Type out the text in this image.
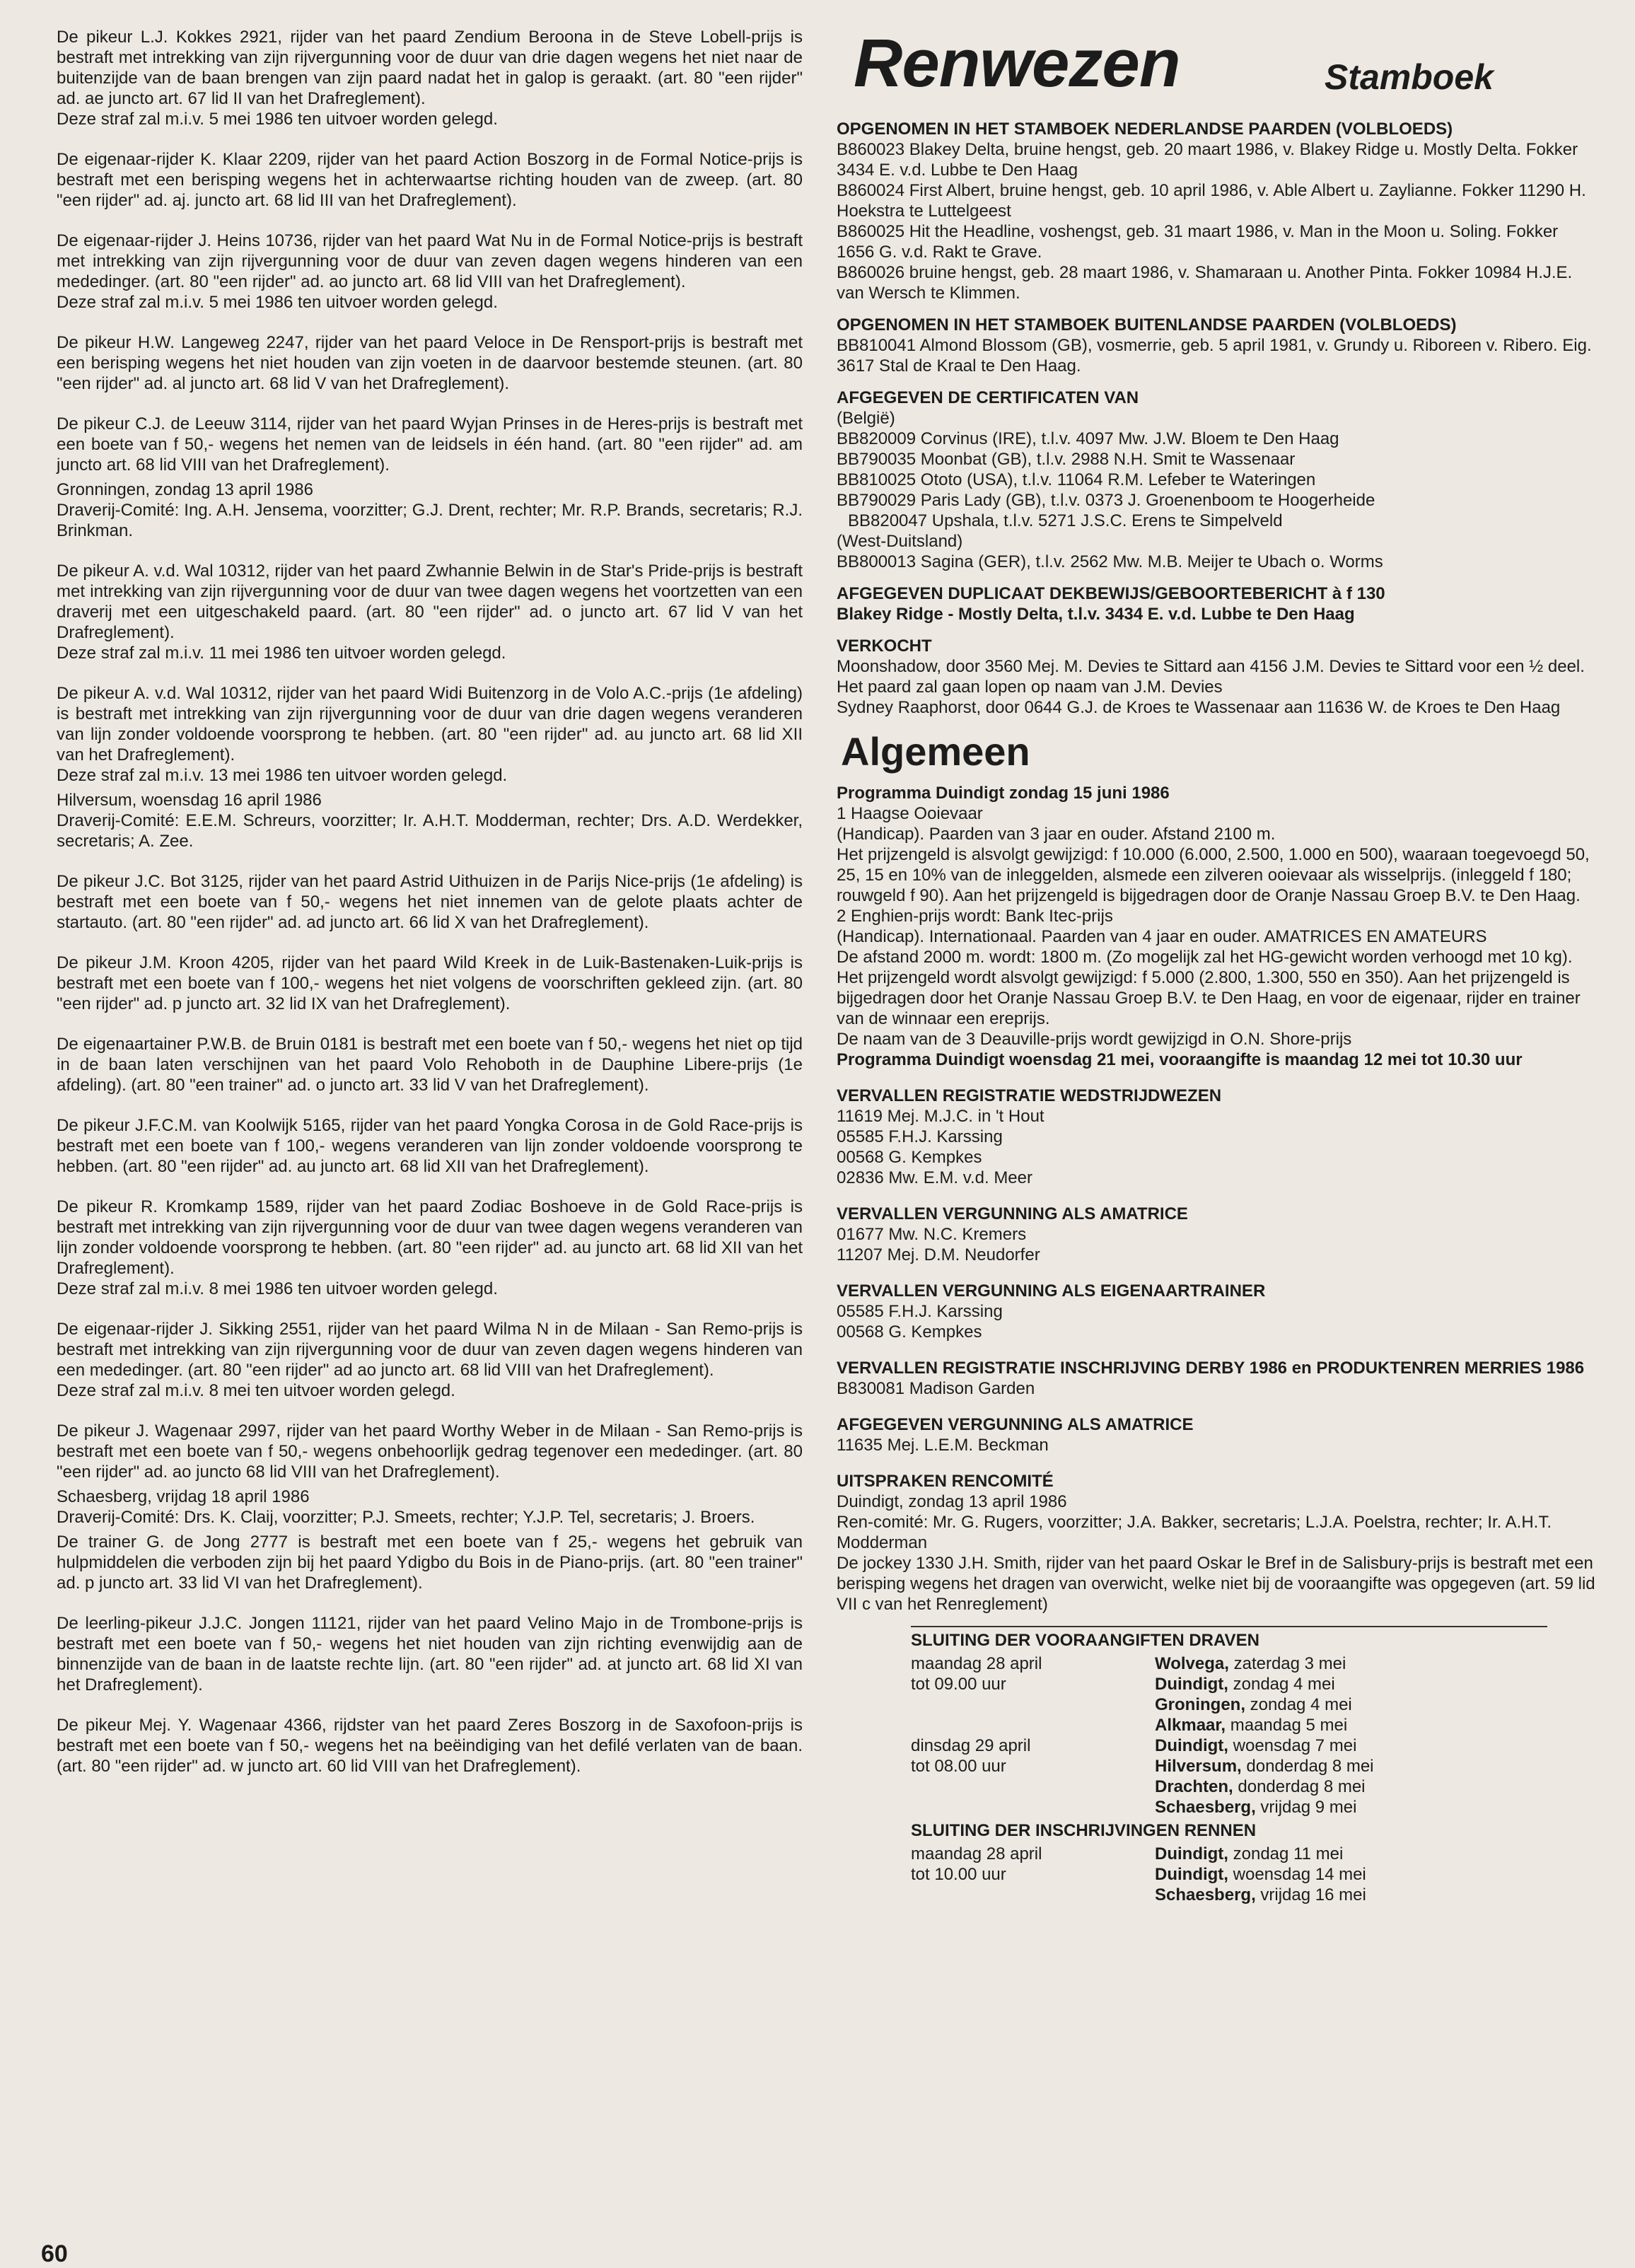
De pikeur L.J. Kokkes 2921, rijder van het paard Zendium Beroona in de Steve Lobell-prijs is bestraft met intrekking van zijn rijvergunning voor de duur van drie dagen wegens het niet naar de buitenzijde van de baan brengen van zijn paard nadat het in galop is geraakt. (art. 80 "een rijder" ad. ae juncto art. 67 lid II van het Drafreglement).
Deze straf zal m.i.v. 5 mei 1986 ten uitvoer worden gelegd.

De eigenaar-rijder K. Klaar 2209, rijder van het paard Action Boszorg in de Formal Notice-prijs is bestraft met een berisping wegens het in achterwaartse richting houden van de zweep. (art. 80 "een rijder" ad. aj. juncto art. 68 lid III van het Drafreglement).

De eigenaar-rijder J. Heins 10736, rijder van het paard Wat Nu in de Formal Notice-prijs is bestraft met intrekking van zijn rijvergunning voor de duur van zeven dagen wegens hinderen van een mededinger. (art. 80 "een rijder" ad. ao juncto art. 68 lid VIII van het Drafreglement).
Deze straf zal m.i.v. 5 mei 1986 ten uitvoer worden gelegd.

De pikeur H.W. Langeweg 2247, rijder van het paard Veloce in De Rensport-prijs is bestraft met een berisping wegens het niet houden van zijn voeten in de daarvoor bestemde steunen. (art. 80 "een rijder" ad. al juncto art. 68 lid V van het Drafreglement).

De pikeur C.J. de Leeuw 3114, rijder van het paard Wyjan Prinses in de Heres-prijs is bestraft met een boete van f 50,- wegens het nemen van de leidsels in één hand. (art. 80 "een rijder" ad. am juncto art. 68 lid VIII van het Drafreglement).

Gronningen, zondag 13 april 1986
Draverij-Comité: Ing. A.H. Jensema, voorzitter; G.J. Drent, rechter; Mr. R.P. Brands, secretaris; R.J. Brinkman.

De pikeur A. v.d. Wal 10312, rijder van het paard Zwhannie Belwin in de Star's Pride-prijs is bestraft met intrekking van zijn rijvergunning voor de duur van twee dagen wegens het voortzetten van een draverij met een uitgeschakeld paard. (art. 80 "een rijder" ad. o juncto art. 67 lid V van het Drafreglement).
Deze straf zal m.i.v. 11 mei 1986 ten uitvoer worden gelegd.

De pikeur A. v.d. Wal 10312, rijder van het paard Widi Buitenzorg in de Volo A.C.-prijs (1e afdeling) is bestraft met intrekking van zijn rijvergunning voor de duur van drie dagen wegens veranderen van lijn zonder voldoende voorsprong te hebben. (art. 80 "een rijder" ad. au juncto art. 68 lid XII van het Drafreglement).
Deze straf zal m.i.v. 13 mei 1986 ten uitvoer worden gelegd.

Hilversum, woensdag 16 april 1986
Draverij-Comité: E.E.M. Schreurs, voorzitter; Ir. A.H.T. Modderman, rechter; Drs. A.D. Werdekker, secretaris; A. Zee.

De pikeur J.C. Bot 3125, rijder van het paard Astrid Uithuizen in de Parijs Nice-prijs (1e afdeling) is bestraft met een boete van f 50,- wegens het niet innemen van de gelote plaats achter de startauto. (art. 80 "een rijder" ad. ad juncto art. 66 lid X van het Drafreglement).

De pikeur J.M. Kroon 4205, rijder van het paard Wild Kreek in de Luik-Bastenaken-Luik-prijs is bestraft met een boete van f 100,- wegens het niet volgens de voorschriften gekleed zijn. (art. 80 "een rijder" ad. p juncto art. 32 lid IX van het Drafreglement).

De eigenaartainer P.W.B. de Bruin 0181 is bestraft met een boete van f 50,- wegens het niet op tijd in de baan laten verschijnen van het paard Volo Rehoboth in de Dauphine Libere-prijs (1e afdeling). (art. 80 "een trainer" ad. o juncto art. 33 lid V van het Drafreglement).

De pikeur J.F.C.M. van Koolwijk 5165, rijder van het paard Yongka Corosa in de Gold Race-prijs is bestraft met een boete van f 100,- wegens veranderen van lijn zonder voldoende voorsprong te hebben. (art. 80 "een rijder" ad. au juncto art. 68 lid XII van het Drafreglement).

De pikeur R. Kromkamp 1589, rijder van het paard Zodiac Boshoeve in de Gold Race-prijs is bestraft met intrekking van zijn rijvergunning voor de duur van twee dagen wegens veranderen van lijn zonder voldoende voorsprong te hebben. (art. 80 "een rijder" ad. au juncto art. 68 lid XII van het Drafreglement).
Deze straf zal m.i.v. 8 mei 1986 ten uitvoer worden gelegd.

De eigenaar-rijder J. Sikking 2551, rijder van het paard Wilma N in de Milaan - San Remo-prijs is bestraft met intrekking van zijn rijvergunning voor de duur van zeven dagen wegens hinderen van een mededinger. (art. 80 "een rijder" ad ao juncto art. 68 lid VIII van het Drafreglement).
Deze straf zal m.i.v. 8 mei ten uitvoer worden gelegd.

De pikeur J. Wagenaar 2997, rijder van het paard Worthy Weber in de Milaan - San Remo-prijs is bestraft met een boete van f 50,- wegens onbehoorlijk gedrag tegenover een mededinger. (art. 80 "een rijder" ad. ao juncto 68 lid VIII van het Drafreglement).

Schaesberg, vrijdag 18 april 1986
Draverij-Comité: Drs. K. Claij, voorzitter; P.J. Smeets, rechter; Y.J.P. Tel, secretaris; J. Broers.

De trainer G. de Jong 2777 is bestraft met een boete van f 25,- wegens het gebruik van hulpmiddelen die verboden zijn bij het paard Ydigbo du Bois in de Piano-prijs. (art. 80 "een trainer" ad. p juncto art. 33 lid VI van het Drafreglement).

De leerling-pikeur J.J.C. Jongen 11121, rijder van het paard Velino Majo in de Trombone-prijs is bestraft met een boete van f 50,- wegens het niet houden van zijn richting evenwijdig aan de binnenzijde van de baan in de laatste rechte lijn. (art. 80 "een rijder" ad. at juncto art. 68 lid XI van het Drafreglement).

De pikeur Mej. Y. Wagenaar 4366, rijdster van het paard Zeres Boszorg in de Saxofoon-prijs is bestraft met een boete van f 50,- wegens het na beëindiging van het defilé verlaten van de baan. (art. 80 "een rijder" ad. w juncto art. 60 lid VIII van het Drafreglement).

Renwezen	Stamboek

OPGENOMEN IN HET STAMBOEK NEDERLANDSE PAARDEN (VOLBLOEDS)

B860023 Blakey Delta, bruine hengst, geb. 20 maart 1986, v. Blakey Ridge u. Mostly Delta. Fokker 3434 E. v.d. Lubbe te Den Haag

B860024 First Albert, bruine hengst, geb. 10 april 1986, v. Able Albert u. Zaylianne. Fokker 11290 H. Hoekstra te Luttelgeest

B860025 Hit the Headline, voshengst, geb. 31 maart 1986, v. Man in the Moon u. Soling. Fokker 1656 G. v.d. Rakt te Grave.

B860026 bruine hengst, geb. 28 maart 1986, v. Shamaraan u. Another Pinta. Fokker 10984 H.J.E. van Wersch te Klimmen.

OPGENOMEN IN HET STAMBOEK BUITENLANDSE PAARDEN (VOLBLOEDS)

BB810041 Almond Blossom (GB), vosmerrie, geb. 5 april 1981, v. Grundy u. Riboreen v. Ribero. Eig. 3617 Stal de Kraal te Den Haag.

AFGEGEVEN DE CERTIFICATEN VAN

(België)

BB820009 Corvinus (IRE), t.l.v. 4097 Mw. J.W. Bloem te Den Haag

BB790035 Moonbat (GB), t.l.v. 2988 N.H. Smit te Wassenaar

BB810025 Ototo (USA), t.l.v. 11064 R.M. Lefeber te Wateringen

BB790029 Paris Lady (GB), t.l.v. 0373 J. Groenenboom te Hoogerheide

BB820047 Upshala, t.l.v. 5271 J.S.C. Erens te Simpelveld

(West-Duitsland)

BB800013 Sagina (GER), t.l.v. 2562 Mw. M.B. Meijer te Ubach o. Worms

AFGEGEVEN DUPLICAAT DEKBEWIJS/GEBOORTEBERICHT à f 130

Blakey Ridge - Mostly Delta, t.l.v. 3434 E. v.d. Lubbe te Den Haag

VERKOCHT

Moonshadow, door 3560 Mej. M. Devies te Sittard aan 4156 J.M. Devies te Sittard voor een ½ deel. Het paard zal gaan lopen op naam van J.M. Devies

Sydney Raaphorst, door 0644 G.J. de Kroes te Wassenaar aan 11636 W. de Kroes te Den Haag

Algemeen

Programma Duindigt zondag 15 juni 1986

1 Haagse Ooievaar

(Handicap). Paarden van 3 jaar en ouder. Afstand 2100 m.

Het prijzengeld is alsvolgt gewijzigd: f 10.000 (6.000, 2.500, 1.000 en 500), waaraan toegevoegd 50, 25, 15 en 10% van de inleggelden, alsmede een zilveren ooievaar als wisselprijs. (inleggeld f 180; rouwgeld f 90). Aan het prijzengeld is bijgedragen door de Oranje Nassau Groep B.V. te Den Haag.

2 Enghien-prijs wordt: Bank Itec-prijs

(Handicap). Internationaal. Paarden van 4 jaar en ouder. AMATRICES EN AMATEURS

De afstand 2000 m. wordt: 1800 m. (Zo mogelijk zal het HG-gewicht worden verhoogd met 10 kg).

Het prijzengeld wordt alsvolgt gewijzigd: f 5.000 (2.800, 1.300, 550 en 350). Aan het prijzengeld is bijgedragen door het Oranje Nassau Groep B.V. te Den Haag, en voor de eigenaar, rijder en trainer van de winnaar een ereprijs.

De naam van de 3 Deauville-prijs wordt gewijzigd in O.N. Shore-prijs

Programma Duindigt woensdag 21 mei, vooraangifte is maandag 12 mei tot 10.30 uur

VERVALLEN REGISTRATIE WEDSTRIJDWEZEN

11619 Mej. M.J.C. in 't Hout

05585 F.H.J. Karssing

00568 G. Kempkes

02836 Mw. E.M. v.d. Meer

VERVALLEN VERGUNNING ALS AMATRICE

01677 Mw. N.C. Kremers

11207 Mej. D.M. Neudorfer

VERVALLEN VERGUNNING ALS EIGENAARTRAINER

05585 F.H.J. Karssing

00568 G. Kempkes

VERVALLEN REGISTRATIE INSCHRIJVING DERBY 1986 en PRODUKTENREN MERRIES 1986

B830081 Madison Garden

AFGEGEVEN VERGUNNING ALS AMATRICE

11635 Mej. L.E.M. Beckman

UITSPRAKEN RENCOMITÉ

Duindigt, zondag 13 april 1986

Ren-comité: Mr. G. Rugers, voorzitter; J.A. Bakker, secretaris; L.J.A. Poelstra, rechter; Ir. A.H.T. Modderman

De jockey 1330 J.H. Smith, rijder van het paard Oskar le Bref in de Salisbury-prijs is bestraft met een berisping wegens het dragen van overwicht, welke niet bij de vooraangifte was opgegeven (art. 59 lid VII c van het Renreglement)

SLUITING DER VOORAANGIFTEN DRAVEN
maandag 28 april
tot 09.00 uur
Wolvega, zaterdag 3 mei
Duindigt, zondag 4 mei
Groningen, zondag 4 mei
Alkmaar, maandag 5 mei
dinsdag 29 april
tot 08.00 uur
Duindigt, woensdag 7 mei
Hilversum, donderdag 8 mei
Drachten, donderdag 8 mei
Schaesberg, vrijdag 9 mei
SLUITING DER INSCHRIJVINGEN RENNEN
maandag 28 april
tot 10.00 uur
Duindigt, zondag 11 mei
Duindigt, woensdag 14 mei
Schaesberg, vrijdag 16 mei
60
